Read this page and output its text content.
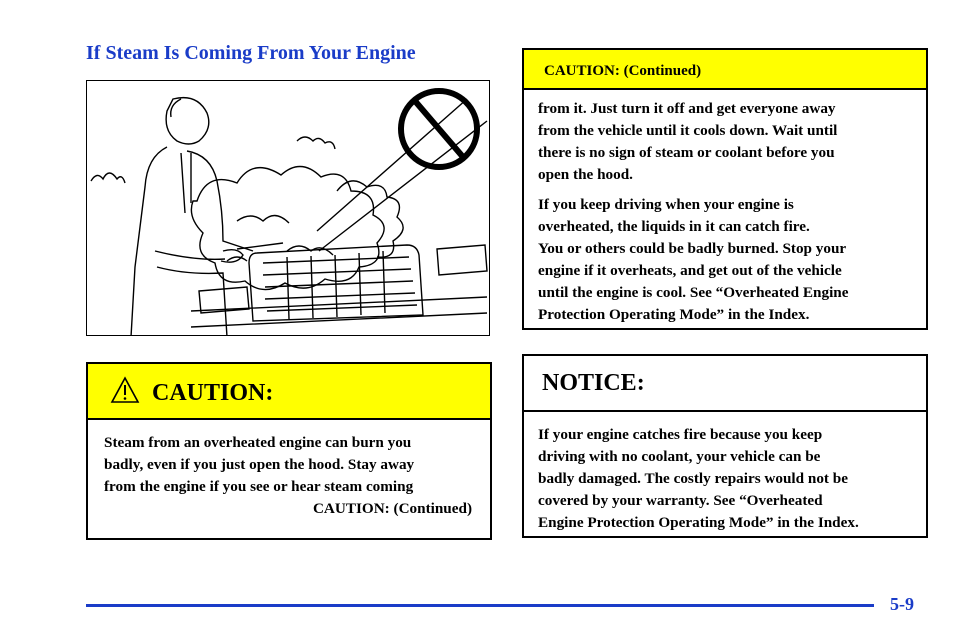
If Steam Is Coming From Your Engine
CAUTION:
Steam from an overheated engine can burn you
badly, even if you just open the hood. Stay away
from the engine if you see or hear steam coming
CAUTION: (Continued)
CAUTION: (Continued)

from it. Just turn it off and get everyone away
from the vehicle until it cools down. Wait until
there is no sign of steam or coolant before you
open the hood.

If you keep driving when your engine is
overheated, the liquids in it can catch fire.
You or others could be badly burned. Stop your
engine if it overheats, and get out of the vehicle
until the engine is cool. See “Overheated Engine
Protection Operating Mode” in the Index.

NOTICE:
If your engine catches fire because you keep
driving with no coolant, your vehicle can be
badly damaged. The costly repairs would not be
covered by your warranty. See “Overheated
Engine Protection Operating Mode” in the Index.
5-9
